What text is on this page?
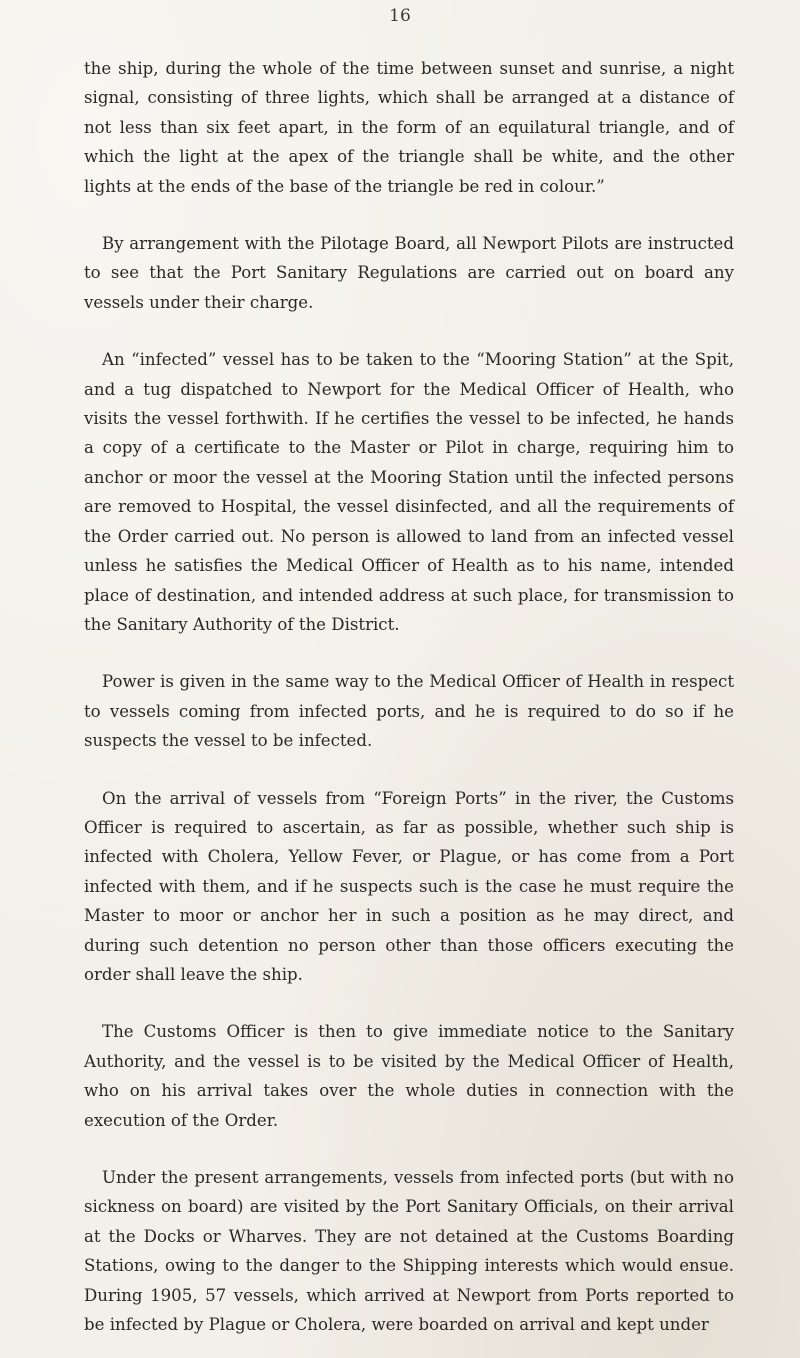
16

the ship, during the whole of the time between sunset and sunrise, a night signal, consisting of three lights, which shall be arranged at a distance of not less than six feet apart, in the form of an equilatural triangle, and of which the light at the apex of the triangle shall be white, and the other lights at the ends of the base of the triangle be red in colour.”

By arrangement with the Pilotage Board, all Newport Pilots are instructed to see that the Port Sanitary Regulations are carried out on board any vessels under their charge.

An “infected” vessel has to be taken to the “Mooring Station” at the Spit, and a tug dispatched to Newport for the Medical Officer of Health, who visits the vessel forthwith. If he certifies the vessel to be infected, he hands a copy of a certificate to the Master or Pilot in charge, requiring him to anchor or moor the vessel at the Mooring Station until the infected persons are removed to Hospital, the vessel disinfected, and all the requirements of the Order carried out. No person is allowed to land from an infected vessel unless he satisfies the Medical Officer of Health as to his name, intended place of destination, and intended address at such place, for transmission to the Sanitary Authority of the District.

Power is given in the same way to the Medical Officer of Health in respect to vessels coming from infected ports, and he is required to do so if he suspects the vessel to be infected.

On the arrival of vessels from “Foreign Ports” in the river, the Customs Officer is required to ascertain, as far as possible, whether such ship is infected with Cholera, Yellow Fever, or Plague, or has come from a Port infected with them, and if he suspects such is the case he must require the Master to moor or anchor her in such a position as he may direct, and during such detention no person other than those officers executing the order shall leave the ship.

The Customs Officer is then to give immediate notice to the Sanitary Authority, and the vessel is to be visited by the Medical Officer of Health, who on his arrival takes over the whole duties in connection with the execution of the Order.

Under the present arrangements, vessels from infected ports (but with no sickness on board) are visited by the Port Sanitary Officials, on their arrival at the Docks or Wharves. They are not detained at the Customs Boarding Stations, owing to the danger to the Shipping interests which would ensue. During 1905, 57 vessels, which arrived at Newport from Ports reported to be infected by Plague or Cholera, were boarded on arrival and kept under
